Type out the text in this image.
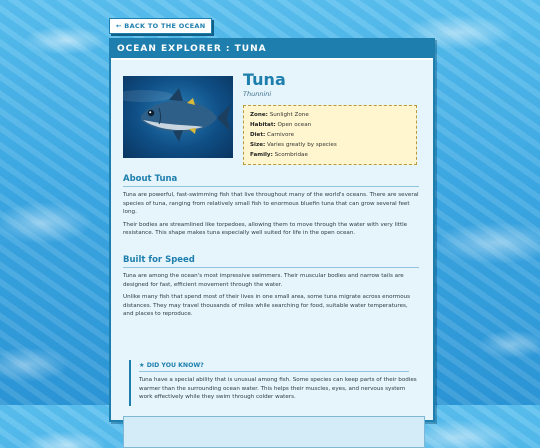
← BACK TO THE OCEAN
OCEAN EXPLORER : TUNA
Tuna
Thunnini
Zone: Sunlight Zone
Habitat: Open ocean
Diet: Carnivore
Size: Varies greatly by species
Family: Scombridae
About Tuna

Tuna are powerful, fast-swimming fish that live throughout many of the world's oceans. There are several species of tuna, ranging from relatively small fish to enormous bluefin tuna that can grow several feet long.

Their bodies are streamlined like torpedoes, allowing them to move through the water with very little resistance. This shape makes tuna especially well suited for life in the open ocean.

Built for Speed

Tuna are among the ocean's most impressive swimmers. Their muscular bodies and narrow tails are designed for fast, efficient movement through the water.

Unlike many fish that spend most of their lives in one small area, some tuna migrate across enormous distances. They may travel thousands of miles while searching for food, suitable water temperatures, and places to reproduce.

★ DID YOU KNOW?

Tuna have a special ability that is unusual among fish. Some species can keep parts of their bodies warmer than the surrounding ocean water. This helps their muscles, eyes, and nervous system work effectively while they swim through colder waters.
